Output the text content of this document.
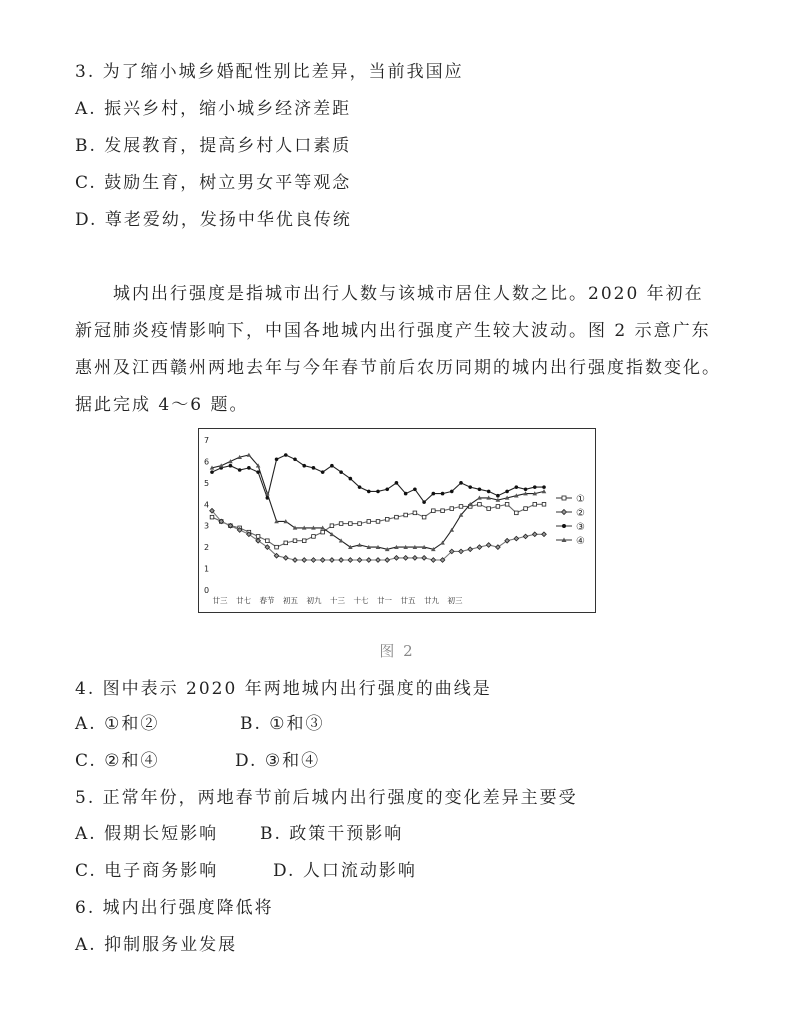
3. 为了缩小城乡婚配性别比差异，当前我国应
A. 振兴乡村，缩小城乡经济差距
B. 发展教育，提高乡村人口素质
C. 鼓励生育，树立男女平等观念
D. 尊老爱幼，发扬中华优良传统
城内出行强度是指城市出行人数与该城市居住人数之比。2020 年初在新冠肺炎疫情影响下，中国各地城内出行强度产生较大波动。图 2 示意广东惠州及江西赣州两地去年与今年春节前后农历同期的城内出行强度指数变化。据此完成 4～6 题。
0
1
2
3
4
5
6
7
廿三 廿七 春节 初五 初九 十三 十七 廿一 廿五 廿九 初三
①
②
③
④
图 2
4. 图中表示 2020 年两地城内出行强度的曲线是
A. ①和②	B. ①和③
C. ②和④	D. ③和④
5. 正常年份，两地春节前后城内出行强度的变化差异主要受
A. 假期长短影响 B. 政策干预影响
C. 电子商务影响	D. 人口流动影响
6. 城内出行强度降低将
A. 抑制服务业发展
